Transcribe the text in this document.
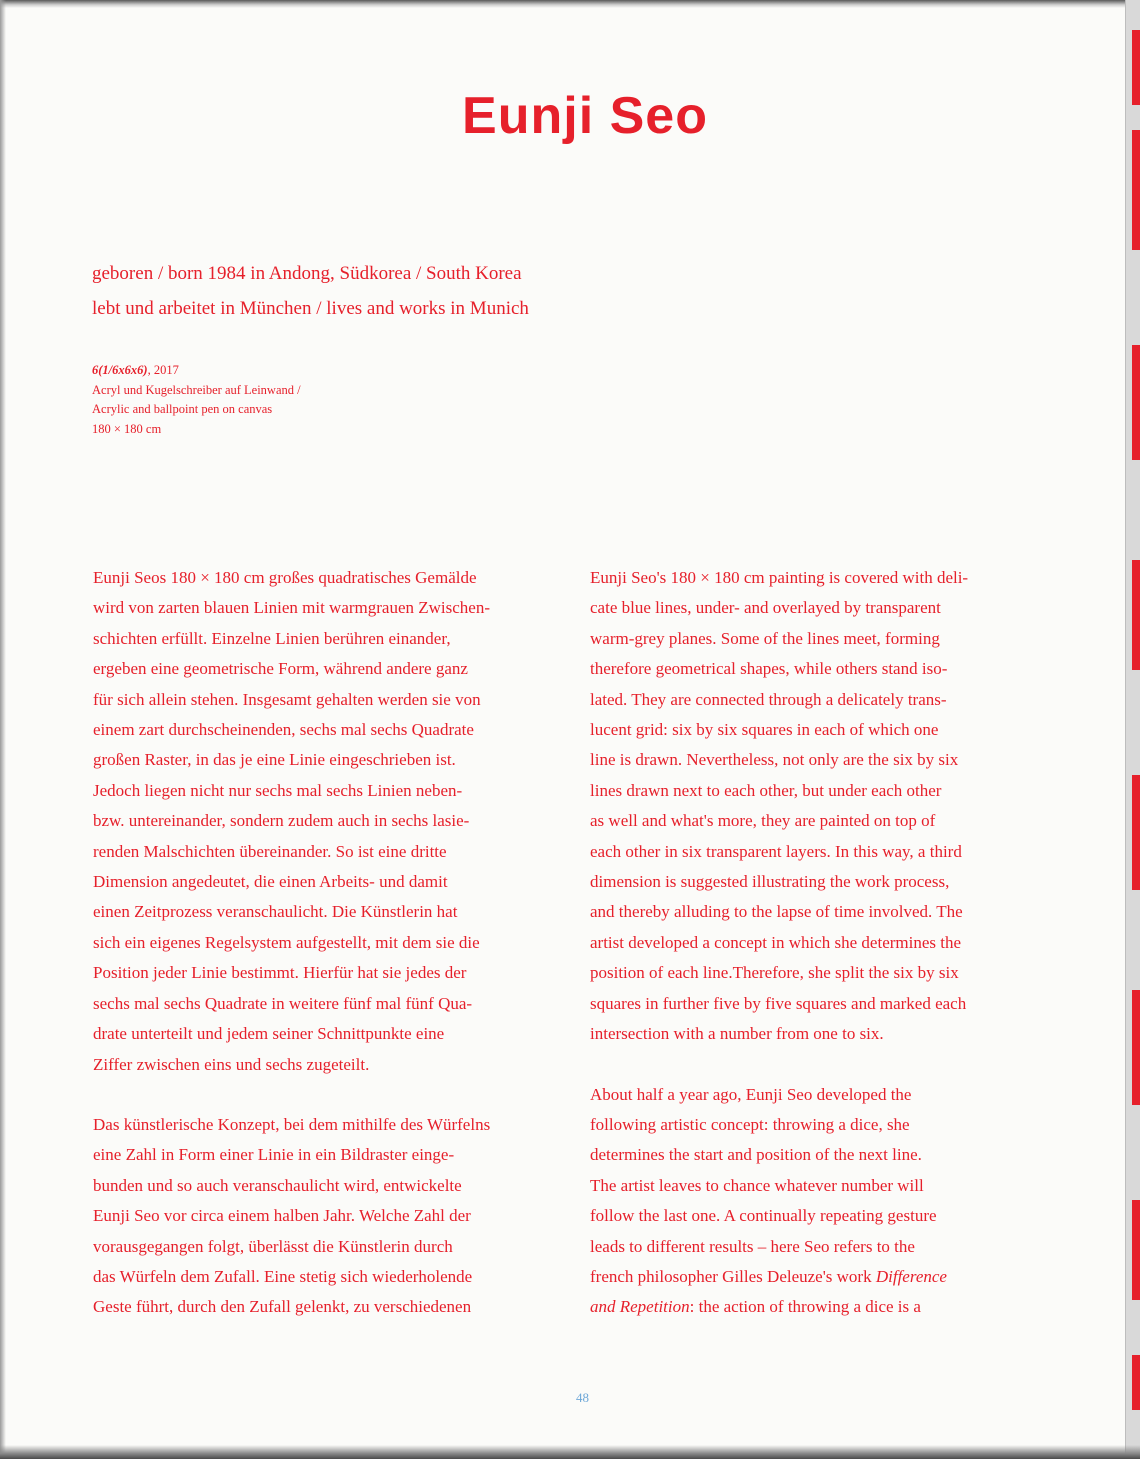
Eunji Seo
geboren / born 1984 in Andong, Südkorea / South Korea
lebt und arbeitet in München / lives and works in Munich
6(1/6x6x6), 2017
Acryl und Kugelschreiber auf Leinwand /
Acrylic and ballpoint pen on canvas
180 × 180 cm

Eunji Seos 180 × 180 cm großes quadratisches Gemälde
wird von zarten blauen Linien mit warmgrauen Zwischen-
schichten erfüllt. Einzelne Linien berühren einander,
ergeben eine geometrische Form, während andere ganz
für sich allein stehen. Insgesamt gehalten werden sie von
einem zart durchscheinenden, sechs mal sechs Quadrate
großen Raster, in das je eine Linie eingeschrieben ist.
Jedoch liegen nicht nur sechs mal sechs Linien neben-
bzw. untereinander, sondern zudem auch in sechs lasie-
renden Malschichten übereinander. So ist eine dritte
Dimension angedeutet, die einen Arbeits- und damit
einen Zeitprozess veranschaulicht. Die Künstlerin hat
sich ein eigenes Regelsystem aufgestellt, mit dem sie die
Position jeder Linie bestimmt. Hierfür hat sie jedes der
sechs mal sechs Quadrate in weitere fünf mal fünf Qua-
drate unterteilt und jedem seiner Schnittpunkte eine
Ziffer zwischen eins und sechs zugeteilt.

Das künstlerische Konzept, bei dem mithilfe des Würfelns
eine Zahl in Form einer Linie in ein Bildraster einge-
bunden und so auch veranschaulicht wird, entwickelte
Eunji Seo vor circa einem halben Jahr. Welche Zahl der
vorausgegangen folgt, überlässt die Künstlerin durch
das Würfeln dem Zufall. Eine stetig sich wiederholende
Geste führt, durch den Zufall gelenkt, zu verschiedenen

Eunji Seo's 180 × 180 cm painting is covered with deli-
cate blue lines, under- and overlayed by transparent
warm-grey planes. Some of the lines meet, forming
therefore geometrical shapes, while others stand iso-
lated. They are connected through a delicately trans-
lucent grid: six by six squares in each of which one
line is drawn. Nevertheless, not only are the six by six
lines drawn next to each other, but under each other
as well and what's more, they are painted on top of
each other in six transparent layers. In this way, a third
dimension is suggested illustrating the work process,
and thereby alluding to the lapse of time involved. The
artist developed a concept in which she determines the
position of each line.Therefore, she split the six by six
squares in further five by five squares and marked each
intersection with a number from one to six.

About half a year ago, Eunji Seo developed the
following artistic concept: throwing a dice, she
determines the start and position of the next line.
The artist leaves to chance whatever number will
follow the last one. A continually repeating gesture
leads to different results – here Seo refers to the
french philosopher Gilles Deleuze's work Difference
and Repetition: the action of throwing a dice is a

48
